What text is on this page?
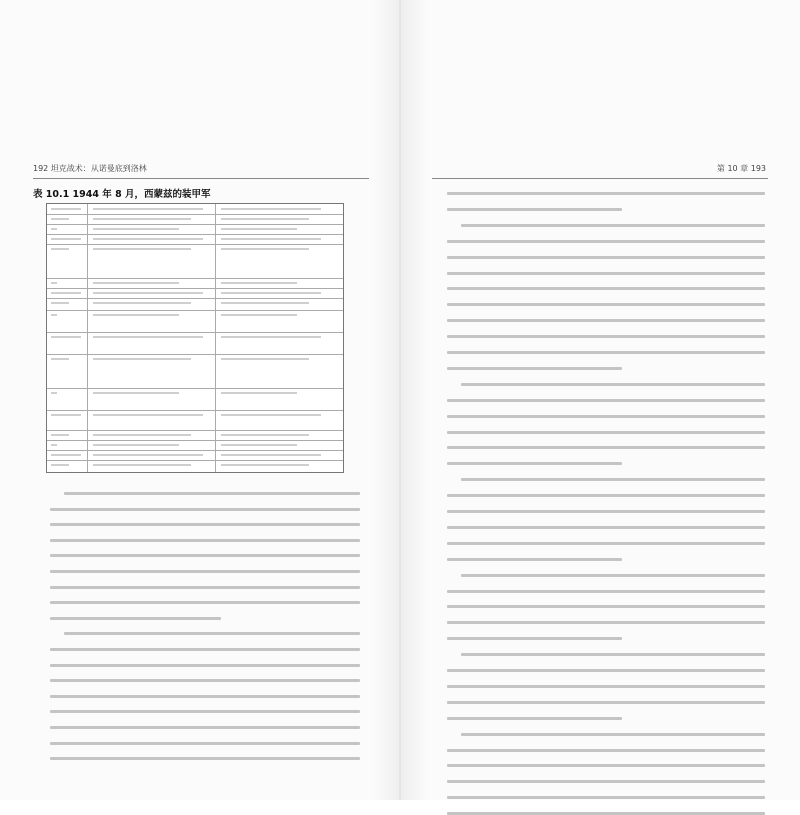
192 坦克战术：从诺曼底到洛林	第 10 章 193
表 10.1 1944 年 8 月，西蒙兹的装甲军
